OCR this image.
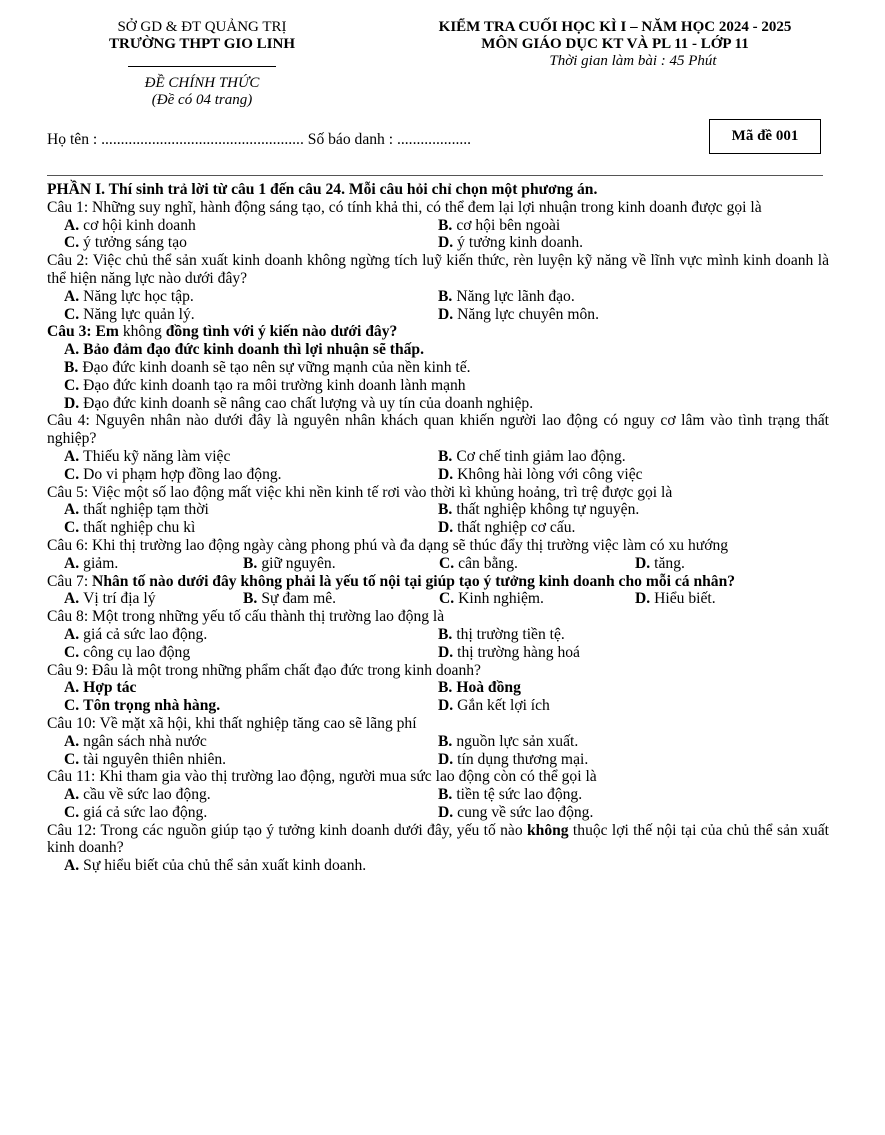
SỞ GD & ĐT QUẢNG TRỊ
TRƯỜNG THPT GIO LINH
ĐỀ CHÍNH THỨC
(Đề có 04 trang)
KIỂM TRA CUỐI HỌC KÌ I – NĂM HỌC 2024 - 2025
MÔN GIÁO DỤC KT VÀ PL 11 - LỚP 11
Thời gian làm bài : 45 Phút
Họ tên : .................................................... Số báo danh : ...................	Mã đề 001
PHẦN I. Thí sinh trả lời từ câu 1 đến câu 24. Mỗi câu hỏi chỉ chọn một phương án.
Câu 1: Những suy nghĩ, hành động sáng tạo, có tính khả thi, có thể đem lại lợi nhuận trong kinh doanh được gọi là
A. cơ hội kinh doanh	B. cơ hội bên ngoài
C. ý tưởng sáng tạo	D. ý tưởng kinh doanh.
Câu 2: Việc chủ thể sản xuất kinh doanh không ngừng tích luỹ kiến thức, rèn luyện kỹ năng về lĩnh vực mình kinh doanh là thể hiện năng lực nào dưới đây?
A. Năng lực học tập.	B. Năng lực lãnh đạo.
C. Năng lực quản lý.	D. Năng lực chuyên môn.
Câu 3: Em không đồng tình với ý kiến nào dưới đây?
A. Bảo đảm đạo đức kinh doanh thì lợi nhuận sẽ thấp.
B. Đạo đức kinh doanh sẽ tạo nên sự vững mạnh của nền kinh tế.
C. Đạo đức kinh doanh tạo ra môi trường kinh doanh lành mạnh
D. Đạo đức kinh doanh sẽ nâng cao chất lượng và uy tín của doanh nghiệp.
Câu 4: Nguyên nhân nào dưới đây là nguyên nhân khách quan khiến người lao động có nguy cơ lâm vào tình trạng thất nghiệp?
A. Thiếu kỹ năng làm việc	B. Cơ chế tinh giảm lao động.
C. Do vi phạm hợp đồng lao động.	D. Không hài lòng với công việc
Câu 5: Việc một số lao động mất việc khi nền kinh tế rơi vào thời kì khủng hoảng, trì trệ được gọi là
A. thất nghiệp tạm thời	B. thất nghiệp không tự nguyện.
C. thất nghiệp chu kì	D. thất nghiệp cơ cấu.
Câu 6: Khi thị trường lao động ngày càng phong phú và đa dạng sẽ thúc đẩy thị trường việc làm có xu hướng
A. giảm.	B. giữ nguyên.	C. cân bằng.	D. tăng.
Câu 7: Nhân tố nào dưới đây không phải là yếu tố nội tại giúp tạo ý tưởng kinh doanh cho mỗi cá nhân?
A. Vị trí địa lý	B. Sự đam mê.	C. Kinh nghiệm.	D. Hiểu biết.
Câu 8: Một trong những yếu tố cấu thành thị trường lao động là
A. giá cả sức lao động.	B. thị trường tiền tệ.
C. công cụ lao động	D. thị trường hàng hoá
Câu 9: Đâu là một trong những phẩm chất đạo đức trong kinh doanh?
A. Hợp tác	B. Hoà đồng
C. Tôn trọng nhà hàng.	D. Gắn kết lợi ích
Câu 10: Về mặt xã hội, khi thất nghiệp tăng cao sẽ lãng phí
A. ngân sách nhà nước	B. nguồn lực sản xuất.
C. tài nguyên thiên nhiên.	D. tín dụng thương mại.
Câu 11: Khi tham gia vào thị trường lao động, người mua sức lao động còn có thể gọi là
A. cầu về sức lao động.	B. tiền tệ sức lao động.
C. giá cả sức lao động.	D. cung về sức lao động.
Câu 12: Trong các nguồn giúp tạo ý tưởng kinh doanh dưới đây, yếu tố nào không thuộc lợi thế nội tại của chủ thể sản xuất kinh doanh?
A. Sự hiểu biết của chủ thể sản xuất kinh doanh.
